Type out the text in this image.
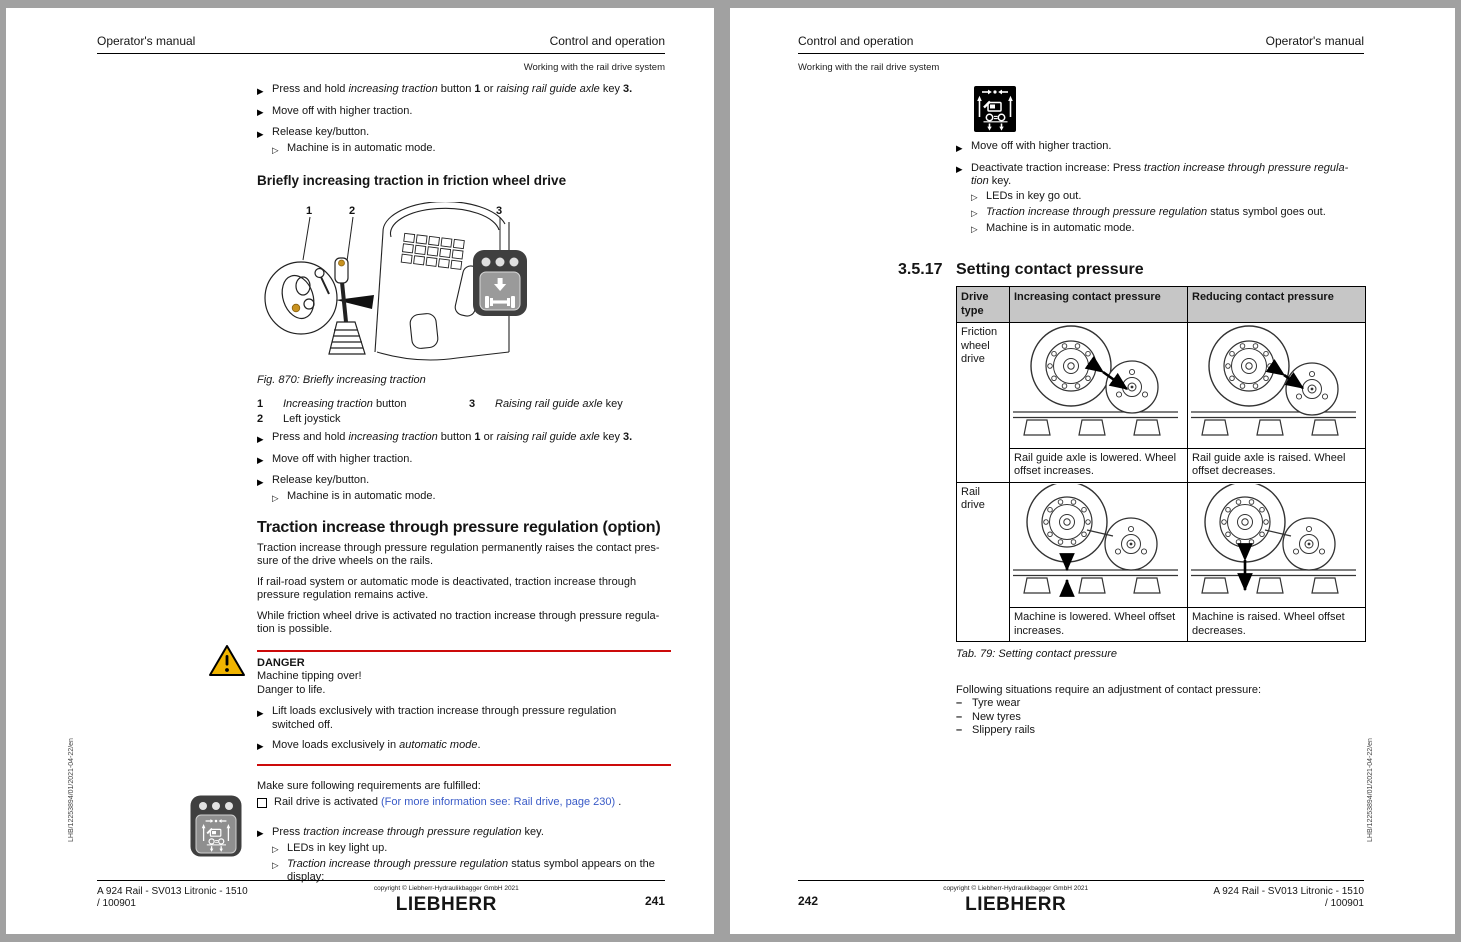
Operator's manual	Control and operation
Working with the rail drive system
LHB/12253894/01/2021-04-22/en
▶ Press and hold increasing traction button 1 or raising rail guide axle key 3.
▶ Move off with higher traction.
▶ Release key/button.
▷ Machine is in automatic mode.
Briefly increasing traction in friction wheel drive
1	2	3
Fig. 870: Briefly increasing traction
1	Increasing traction button	3	Raising rail guide axle key
2	Left joystick
▶ Press and hold increasing traction button 1 or raising rail guide axle key 3.
▶ Move off with higher traction.
▶ Release key/button.
▷ Machine is in automatic mode.
Traction increase through pressure regulation (option)
Traction increase through pressure regulation permanently raises the contact pres-
sure of the drive wheels on the rails.
If rail-road system or automatic mode is deactivated, traction increase through
pressure regulation remains active.
While friction wheel drive is activated no traction increase through pressure regula-
tion is possible.
DANGER
Machine tipping over!
Danger to life.
▶ Lift loads exclusively with traction increase through pressure regulation
switched off.
▶ Move loads exclusively in automatic mode.
Make sure following requirements are fulfilled:
Rail drive is activated (For more information see: Rail drive, page 230) .
▶ Press traction increase through pressure regulation key.
▷ LEDs in key light up.
▷ Traction increase through pressure regulation status symbol appears on the
display:
A 924 Rail - SV013 Litronic - 1510
/ 100901
copyright © Liebherr-Hydraulikbagger GmbH 2021
LIEBHERR	241
Control and operation	Operator's manual
Working with the rail drive system
LHB/12253894/01/2021-04-22/en
▶ Move off with higher traction.
▶ Deactivate traction increase: Press traction increase through pressure regula-
tion key.
▷ LEDs in key go out.
▷ Traction increase through pressure regulation status symbol goes out.
▷ Machine is in automatic mode.
3.5.17 Setting contact pressure
Drive type	Increasing contact pressure	Reducing contact pressure
Friction wheel drive		
	Rail guide axle is lowered. Wheel offset increases.	Rail guide axle is raised. Wheel offset decreases.
Rail drive		
	Machine is lowered. Wheel offset increases.	Machine is raised. Wheel offset decreases.
Tab. 79: Setting contact pressure
Following situations require an adjustment of contact pressure:
– Tyre wear
– New tyres
– Slippery rails
242
copyright © Liebherr-Hydraulikbagger GmbH 2021
LIEBHERR
A 924 Rail - SV013 Litronic - 1510
/ 100901
